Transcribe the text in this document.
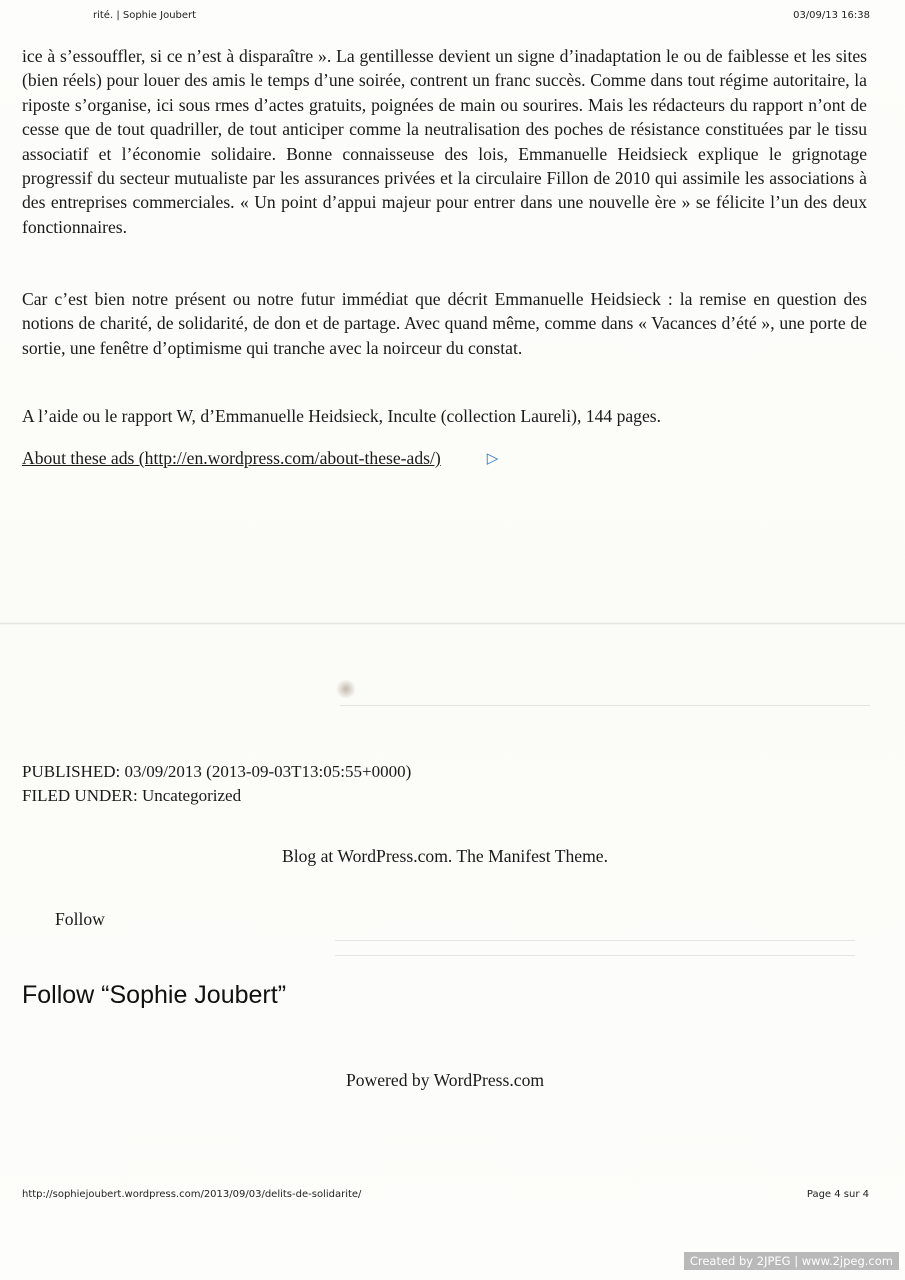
rité. | Sophie Joubert	03/09/13 16:38

ice à s’essouffler, si ce n’est à disparaître ». La gentillesse devient un signe d’inadaptation le ou de faiblesse et les sites (bien réels) pour louer des amis le temps d’une soirée, contrent un franc succès. Comme dans tout régime autoritaire, la riposte s’organise, ici sous rmes d’actes gratuits, poignées de main ou sourires. Mais les rédacteurs du rapport n’ont de cesse que de tout quadriller, de tout anticiper comme la neutralisation des poches de résistance constituées par le tissu associatif et l’économie solidaire. Bonne connaisseuse des lois, Emmanuelle Heidsieck explique le grignotage progressif du secteur mutualiste par les assurances privées et la circulaire Fillon de 2010 qui assimile les associations à des entreprises commerciales. « Un point d’appui majeur pour entrer dans une nouvelle ère » se félicite l’un des deux fonctionnaires.

Car c’est bien notre présent ou notre futur immédiat que décrit Emmanuelle Heidsieck : la remise en question des notions de charité, de solidarité, de don et de partage. Avec quand même, comme dans « Vacances d’été », une porte de sortie, une fenêtre d’optimisme qui tranche avec la noirceur du constat.

A l’aide ou le rapport W, d’Emmanuelle Heidsieck, Inculte (collection Laureli), 144 pages.

About these ads (http://en.wordpress.com/about-these-ads/)	▷
PUBLISHED: 03/09/2013 (2013-09-03T13:05:55+0000)
FILED UNDER: Uncategorized
Blog at WordPress.com. The Manifest Theme.
Follow
Follow “Sophie Joubert”
Powered by WordPress.com
http://sophiejoubert.wordpress.com/2013/09/03/delits-de-solidarite/	Page 4 sur 4
Created by 2JPEG | www.2jpeg.com
